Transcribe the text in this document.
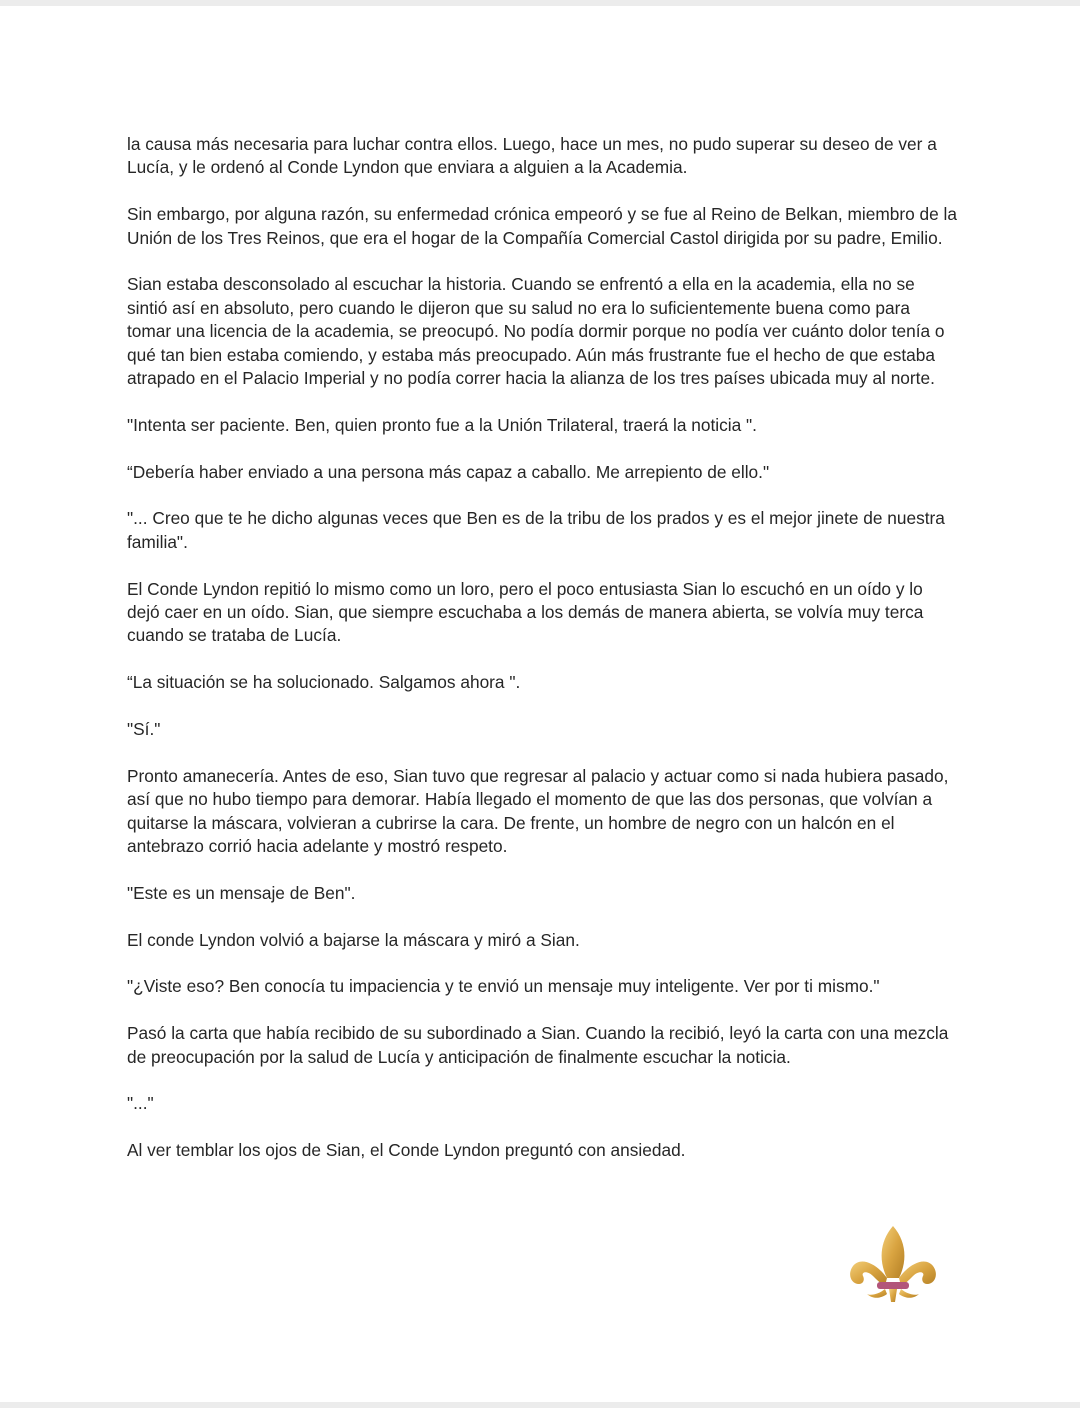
la causa más necesaria para luchar contra ellos. Luego, hace un mes, no pudo superar su deseo de ver a Lucía, y le ordenó al Conde Lyndon que enviara a alguien a la Academia.

Sin embargo, por alguna razón, su enfermedad crónica empeoró y se fue al Reino de Belkan, miembro de la Unión de los Tres Reinos, que era el hogar de la Compañía Comercial Castol dirigida por su padre, Emilio.

Sian estaba desconsolado al escuchar la historia. Cuando se enfrentó a ella en la academia, ella no se sintió así en absoluto, pero cuando le dijeron que su salud no era lo suficientemente buena como para tomar una licencia de la academia, se preocupó. No podía dormir porque no podía ver cuánto dolor tenía o qué tan bien estaba comiendo, y estaba más preocupado. Aún más frustrante fue el hecho de que estaba atrapado en el Palacio Imperial y no podía correr hacia la alianza de los tres países ubicada muy al norte.

"Intenta ser paciente. Ben, quien pronto fue a la Unión Trilateral, traerá la noticia ".

“Debería haber enviado a una persona más capaz a caballo. Me arrepiento de ello."

"... Creo que te he dicho algunas veces que Ben es de la tribu de los prados y es el mejor jinete de nuestra familia".

El Conde Lyndon repitió lo mismo como un loro, pero el poco entusiasta Sian lo escuchó en un oído y lo dejó caer en un oído. Sian, que siempre escuchaba a los demás de manera abierta, se volvía muy terca cuando se trataba de Lucía.

“La situación se ha solucionado. Salgamos ahora ".

"Sí."

Pronto amanecería. Antes de eso, Sian tuvo que regresar al palacio y actuar como si nada hubiera pasado, así que no hubo tiempo para demorar. Había llegado el momento de que las dos personas, que volvían a quitarse la máscara, volvieran a cubrirse la cara. De frente, un hombre de negro con un halcón en el antebrazo corrió hacia adelante y mostró respeto.

"Este es un mensaje de Ben".

El conde Lyndon volvió a bajarse la máscara y miró a Sian.

"¿Viste eso? Ben conocía tu impaciencia y te envió un mensaje muy inteligente. Ver por ti mismo."

Pasó la carta que había recibido de su subordinado a Sian. Cuando la recibió, leyó la carta con una mezcla de preocupación por la salud de Lucía y anticipación de finalmente escuchar la noticia.

"..."

Al ver temblar los ojos de Sian, el Conde Lyndon preguntó con ansiedad.
